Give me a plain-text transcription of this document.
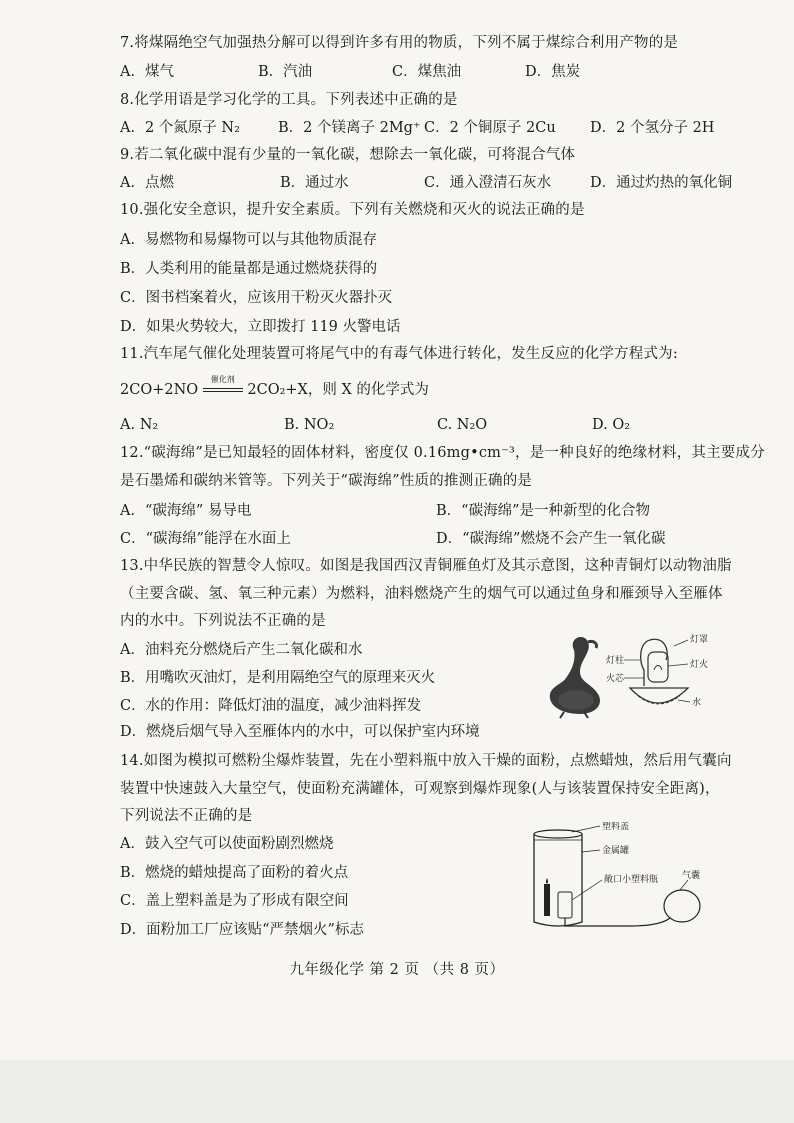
7.将煤隔绝空气加强热分解可以得到许多有用的物质，下列不属于煤综合利用产物的是
A．煤气	B．汽油	C．煤焦油	D．焦炭
8.化学用语是学习化学的工具。下列表述中正确的是
A．2 个氮原子 N₂	B．2 个镁离子 2Mg⁺ C．2 个铜原子 2Cu D．2 个氢分子 2H
9.若二氧化碳中混有少量的一氧化碳，想除去一氧化碳，可将混合气体
A．点燃	B．通过水	C．通入澄清石灰水	D．通过灼热的氧化铜
10.强化安全意识，提升安全素质。下列有关燃烧和灭火的说法正确的是
A．易燃物和易爆物可以与其他物质混存
B．人类利用的能量都是通过燃烧获得的
C．图书档案着火，应该用干粉灭火器扑灭
D．如果火势较大，立即拨打 119 火警电话
11.汽车尾气催化处理装置可将尾气中的有毒气体进行转化，发生反应的化学方程式为:
2CO+2NO
催化剂
2CO₂+X，则 X 的化学式为
A. N₂	B. NO₂	C. N₂O	D. O₂
12.“碳海绵”是已知最轻的固体材料，密度仅 0.16mg•cm⁻³，是一种良好的绝缘材料，其主要成分
是石墨烯和碳纳米管等。下列关于“碳海绵”性质的推测正确的是
A．“碳海绵” 易导电	B．“碳海绵”是一种新型的化合物
C．“碳海绵”能浮在水面上	D．“碳海绵”燃烧不会产生一氧化碳
13.中华民族的智慧令人惊叹。如图是我国西汉青铜雁鱼灯及其示意图，这种青铜灯以动物油脂
（主要含碳、氢、氧三种元素）为燃料，油料燃烧产生的烟气可以通过鱼身和雁颈导入至雁体
内的水中。下列说法不正确的是
A．油料充分燃烧后产生二氧化碳和水
B．用嘴吹灭油灯，是利用隔绝空气的原理来灭火
C．水的作用：降低灯油的温度，减少油料挥发
D．燃烧后烟气导入至雁体内的水中，可以保护室内环境
灯罩
灯火
灯柱
火芯
水
14.如图为模拟可燃粉尘爆炸装置，先在小塑料瓶中放入干燥的面粉，点燃蜡烛，然后用气囊向
装置中快速鼓入大量空气，使面粉充满罐体，可观察到爆炸现象(人与该装置保持安全距离)，
下列说法不正确的是
A．鼓入空气可以使面粉剧烈燃烧
B．燃烧的蜡烛提高了面粉的着火点
C．盖上塑料盖是为了形成有限空间
D．面粉加工厂应该贴“严禁烟火”标志
塑料盖
金属罐
敞口小塑料瓶	气囊
九年级化学 第 2 页 （共 8 页）
